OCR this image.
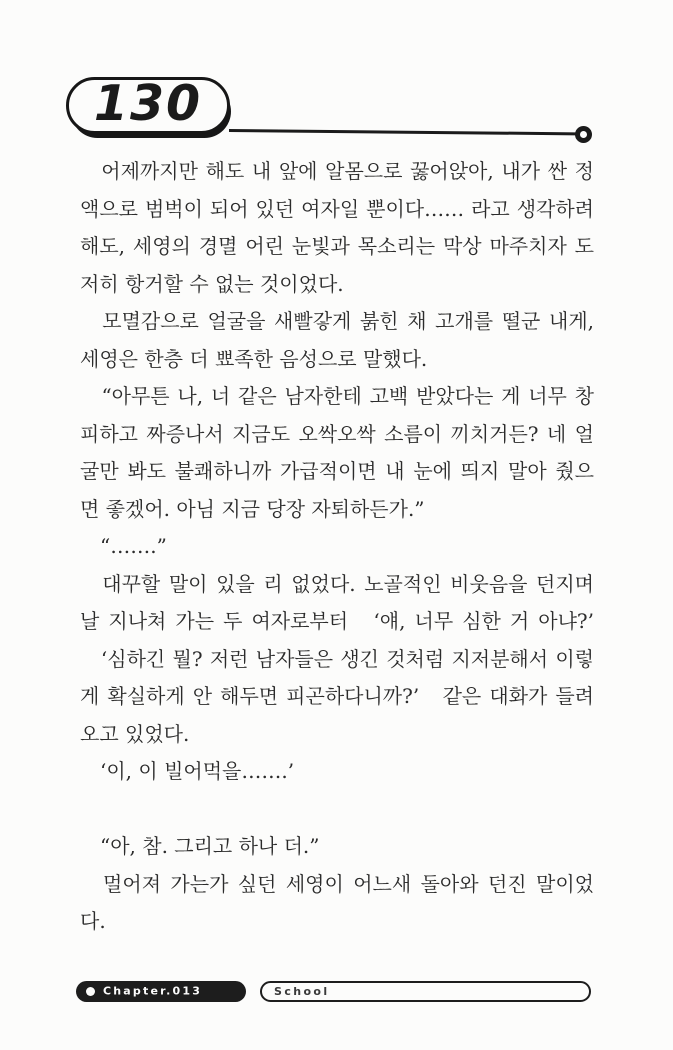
130
　어제까지만 해도 내 앞에 알몸으로 꿇어앉아, 내가 싼 정
액으로 범벅이 되어 있던 여자일 뿐이다…… 라고 생각하려
해도, 세영의 경멸 어린 눈빛과 목소리는 막상 마주치자 도
저히 항거할 수 없는 것이었다.
　모멸감으로 얼굴을 새빨갛게 붉힌 채 고개를 떨군 내게,
세영은 한층 더 뾰족한 음성으로 말했다.
　“아무튼 나, 너 같은 남자한테 고백 받았다는 게 너무 창
피하고 짜증나서 지금도 오싹오싹 소름이 끼치거든? 네 얼
굴만 봐도 불쾌하니까 가급적이면 내 눈에 띄지 말아 줬으
면 좋겠어. 아님 지금 당장 자퇴하든가.”
　“…….”
　대꾸할 말이 있을 리 없었다. 노골적인 비웃음을 던지며
날 지나쳐 가는 두 여자로부터　‘얘, 너무 심한 거 아냐?’
　‘심하긴 뭘? 저런 남자들은 생긴 것처럼 지저분해서 이렇
게 확실하게 안 해두면 피곤하다니까?’　같은 대화가 들려
오고 있었다.
　‘이, 이 빌어먹을…….’
　“아, 참. 그리고 하나 더.”
　멀어져 가는가 싶던 세영이 어느새 돌아와 던진 말이었
다.
Chapter.013	School
